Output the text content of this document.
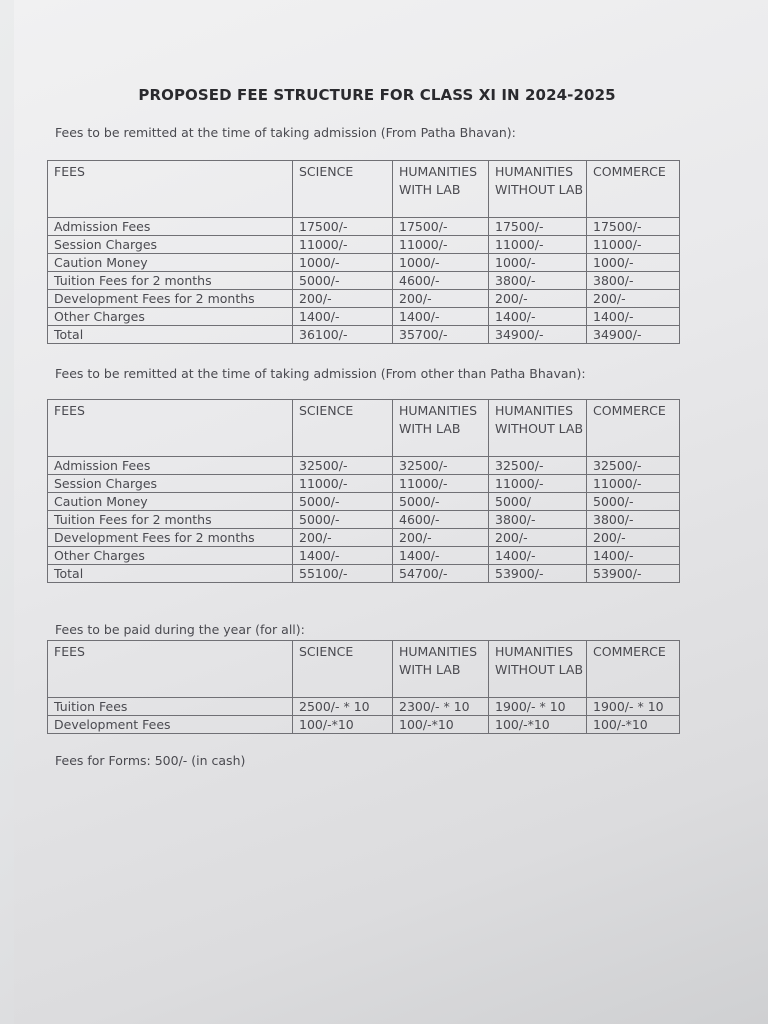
PROPOSED FEE STRUCTURE FOR CLASS XI IN 2024-2025
Fees to be remitted at the time of taking admission (From Patha Bhavan):
FEES	SCIENCE	HUMANITIES WITH LAB	HUMANITIES WITHOUT LAB	COMMERCE
Admission Fees	17500/-	17500/-	17500/-	17500/-
Session Charges	11000/-	11000/-	11000/-	11000/-
Caution Money	1000/-	1000/-	1000/-	1000/-
Tuition Fees for 2 months	5000/-	4600/-	3800/-	3800/-
Development Fees for 2 months	200/-	200/-	200/-	200/-
Other Charges	1400/-	1400/-	1400/-	1400/-
Total	36100/-	35700/-	34900/-	34900/-
Fees to be remitted at the time of taking admission (From other than Patha Bhavan):
FEES	SCIENCE	HUMANITIES WITH LAB	HUMANITIES WITHOUT LAB	COMMERCE
Admission Fees	32500/-	32500/-	32500/-	32500/-
Session Charges	11000/-	11000/-	11000/-	11000/-
Caution Money	5000/-	5000/-	5000/	5000/-
Tuition Fees for 2 months	5000/-	4600/-	3800/-	3800/-
Development Fees for 2 months	200/-	200/-	200/-	200/-
Other Charges	1400/-	1400/-	1400/-	1400/-
Total	55100/-	54700/-	53900/-	53900/-
Fees to be paid during the year (for all):
FEES	SCIENCE	HUMANITIES WITH LAB	HUMANITIES WITHOUT LAB	COMMERCE
Tuition Fees	2500/- * 10	2300/- * 10	1900/- * 10	1900/- * 10
Development Fees	100/-*10	100/-*10	100/-*10	100/-*10
Fees for Forms: 500/- (in cash)
